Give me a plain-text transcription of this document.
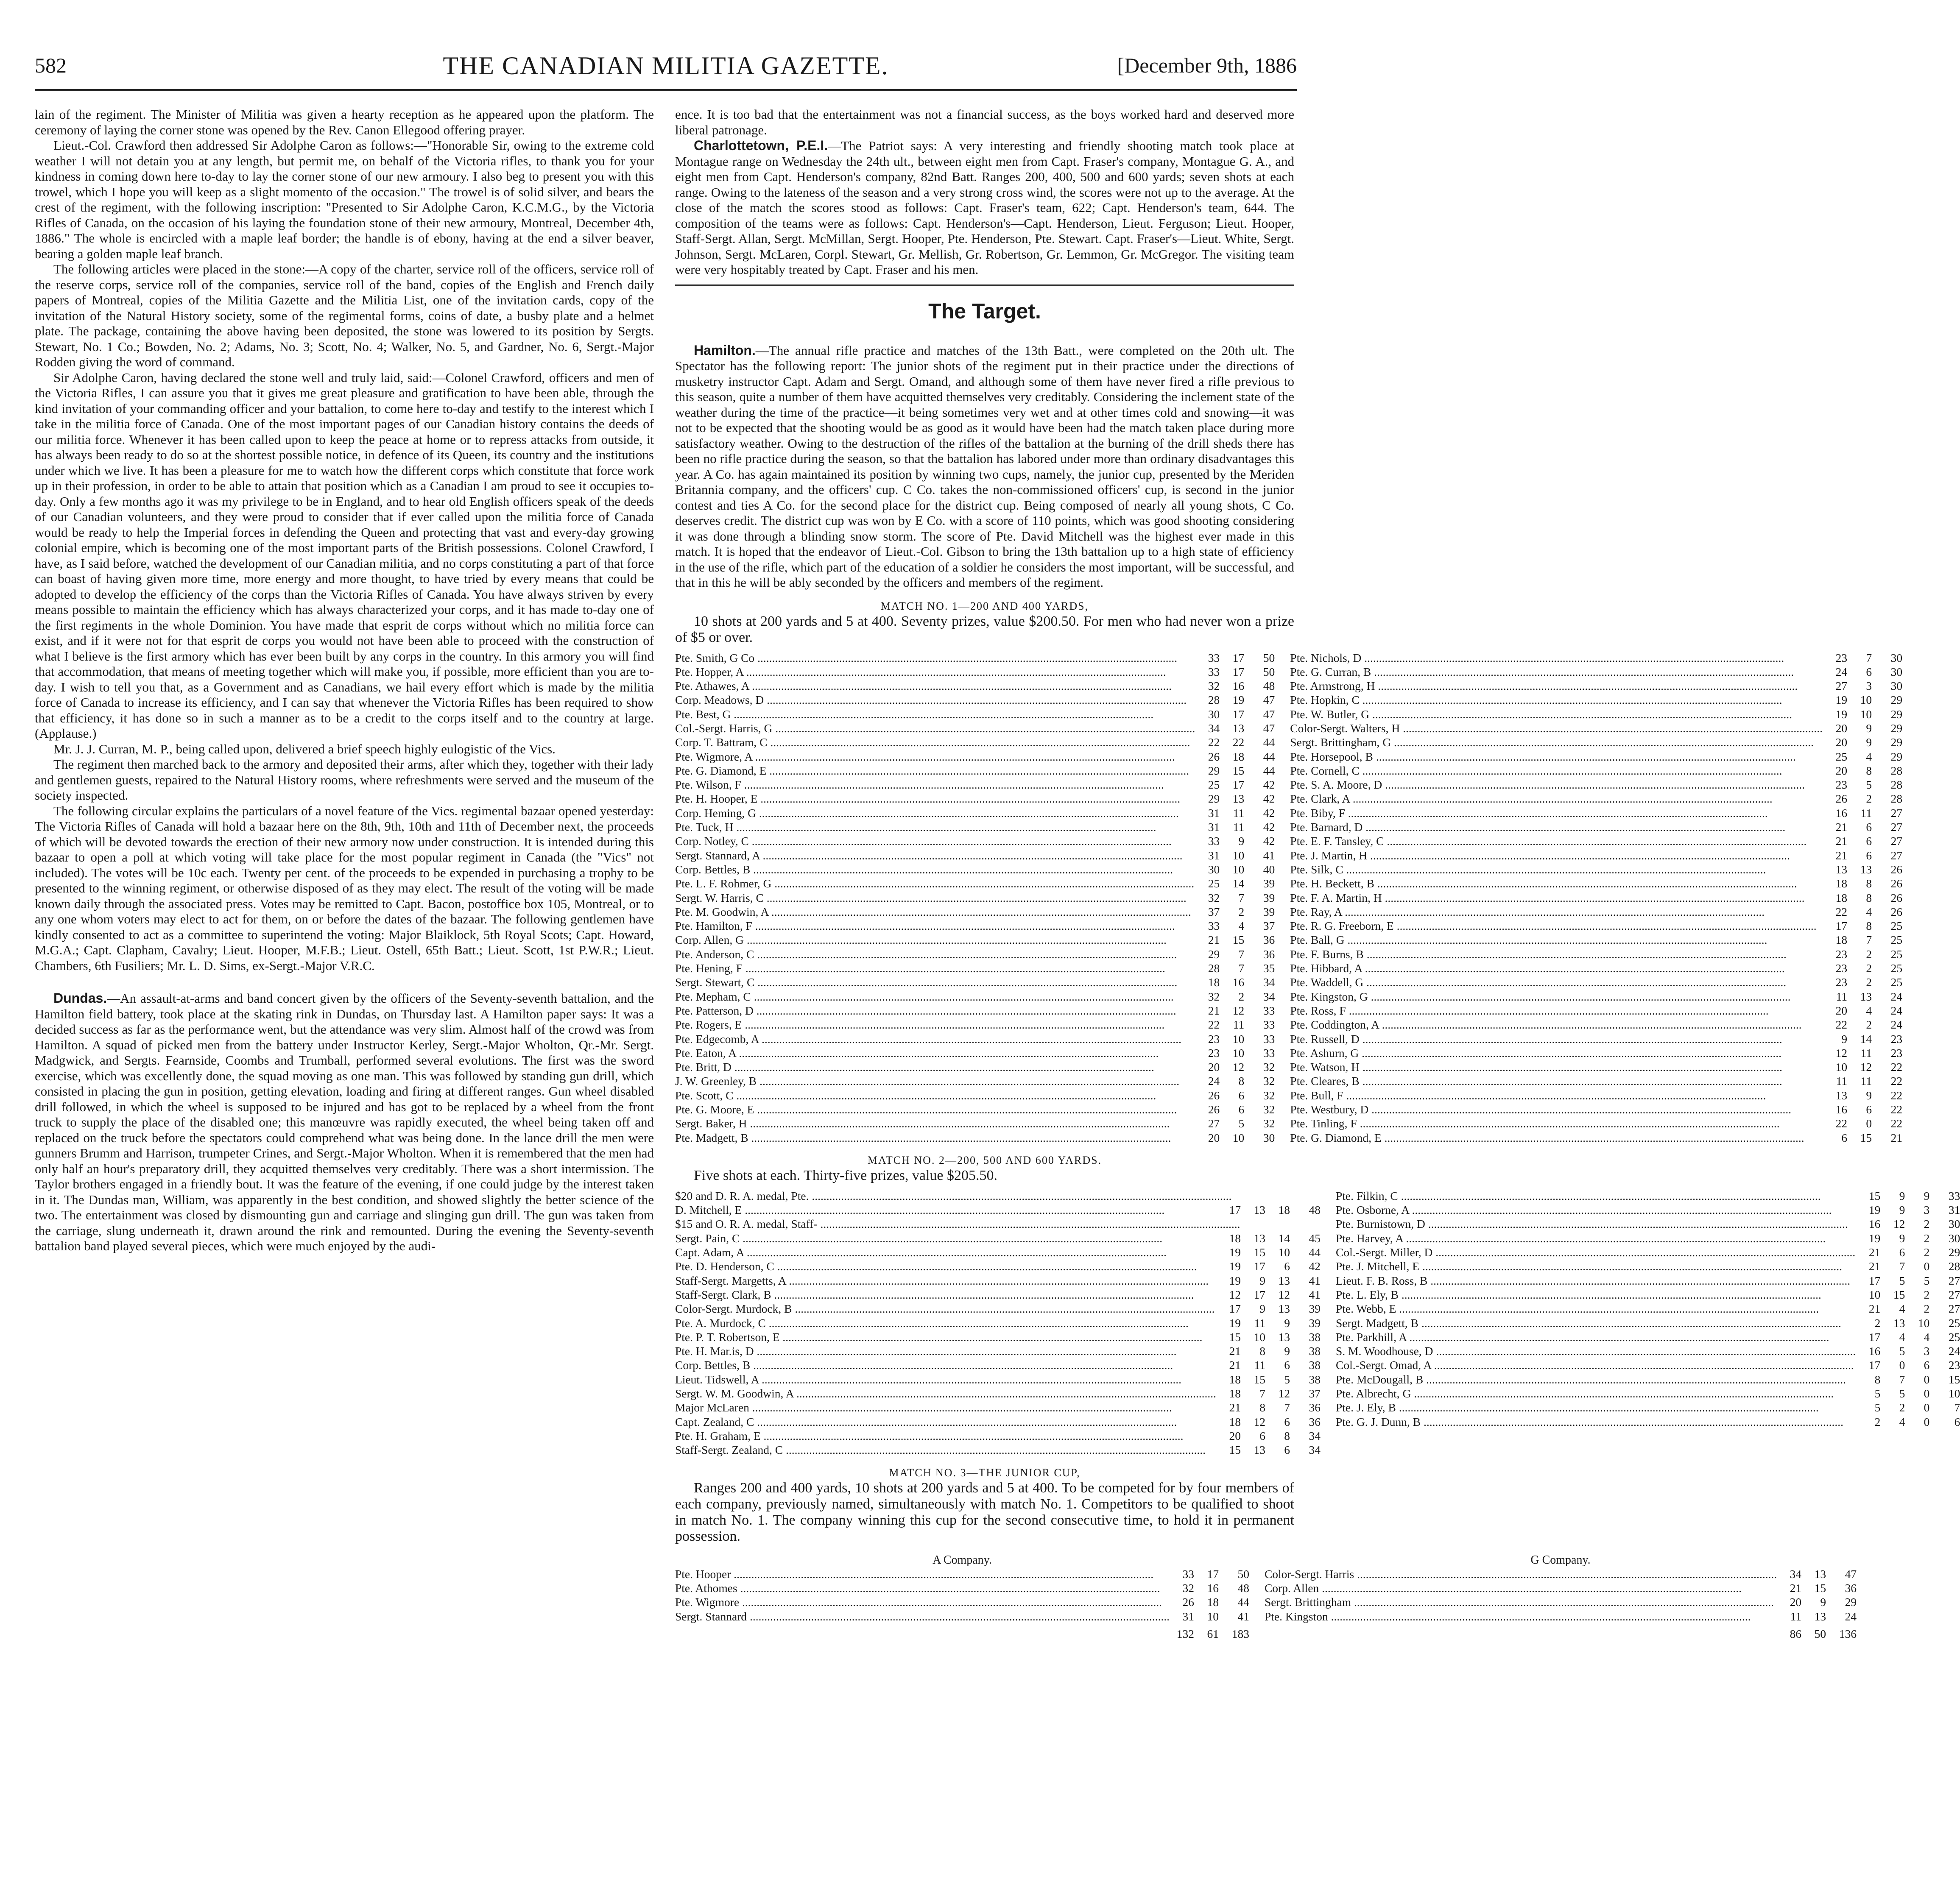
582	THE CANADIAN MILITIA GAZETTE.	[December 9th, 1886

lain of the regiment. The Minister of Militia was given a hearty reception as he appeared upon the platform. The ceremony of laying the corner stone was opened by the Rev. Canon Ellegood offering prayer.

Lieut.-Col. Crawford then addressed Sir Adolphe Caron as follows:—"Honorable Sir, owing to the extreme cold weather I will not detain you at any length, but permit me, on behalf of the Victoria rifles, to thank you for your kindness in coming down here to-day to lay the corner stone of our new armoury. I also beg to present you with this trowel, which I hope you will keep as a slight momento of the occasion." The trowel is of solid silver, and bears the crest of the regiment, with the following inscription: "Presented to Sir Adolphe Caron, K.C.M.G., by the Victoria Rifles of Canada, on the occasion of his laying the foundation stone of their new armoury, Montreal, December 4th, 1886." The whole is encircled with a maple leaf border; the handle is of ebony, having at the end a silver beaver, bearing a golden maple leaf branch.

The following articles were placed in the stone:—A copy of the charter, service roll of the officers, service roll of the reserve corps, service roll of the companies, service roll of the band, copies of the English and French daily papers of Montreal, copies of the Militia Gazette and the Militia List, one of the invitation cards, copy of the invitation of the Natural History society, some of the regimental forms, coins of date, a busby plate and a helmet plate. The package, containing the above having been deposited, the stone was lowered to its position by Sergts. Stewart, No. 1 Co.; Bowden, No. 2; Adams, No. 3; Scott, No. 4; Walker, No. 5, and Gardner, No. 6, Sergt.-Major Rodden giving the word of command.

Sir Adolphe Caron, having declared the stone well and truly laid, said:—Colonel Crawford, officers and men of the Victoria Rifles, I can assure you that it gives me great pleasure and gratification to have been able, through the kind invitation of your commanding officer and your battalion, to come here to-day and testify to the interest which I take in the militia force of Canada. One of the most important pages of our Canadian history contains the deeds of our militia force. Whenever it has been called upon to keep the peace at home or to repress attacks from outside, it has always been ready to do so at the shortest possible notice, in defence of its Queen, its country and the institutions under which we live. It has been a pleasure for me to watch how the different corps which constitute that force work up in their profession, in order to be able to attain that position which as a Canadian I am proud to see it occupies to-day. Only a few months ago it was my privilege to be in England, and to hear old English officers speak of the deeds of our Canadian volunteers, and they were proud to consider that if ever called upon the militia force of Canada would be ready to help the Imperial forces in defending the Queen and protecting that vast and every-day growing colonial empire, which is becoming one of the most important parts of the British possessions. Colonel Crawford, I have, as I said before, watched the development of our Canadian militia, and no corps constituting a part of that force can boast of having given more time, more energy and more thought, to have tried by every means that could be adopted to develop the efficiency of the corps than the Victoria Rifles of Canada. You have always striven by every means possible to maintain the efficiency which has always characterized your corps, and it has made to-day one of the first regiments in the whole Dominion. You have made that esprit de corps without which no militia force can exist, and if it were not for that esprit de corps you would not have been able to proceed with the construction of what I believe is the first armory which has ever been built by any corps in the country. In this armory you will find that accommodation, that means of meeting together which will make you, if possible, more efficient than you are to-day. I wish to tell you that, as a Government and as Canadians, we hail every effort which is made by the militia force of Canada to increase its efficiency, and I can say that whenever the Victoria Rifles has been required to show that efficiency, it has done so in such a manner as to be a credit to the corps itself and to the country at large. (Applause.)

Mr. J. J. Curran, M. P., being called upon, delivered a brief speech highly eulogistic of the Vics.

The regiment then marched back to the armory and deposited their arms, after which they, together with their lady and gentlemen guests, repaired to the Natural History rooms, where refreshments were served and the museum of the society inspected.

The following circular explains the particulars of a novel feature of the Vics. regimental bazaar opened yesterday: The Victoria Rifles of Canada will hold a bazaar here on the 8th, 9th, 10th and 11th of December next, the proceeds of which will be devoted towards the erection of their new armory now under construction. It is intended during this bazaar to open a poll at which voting will take place for the most popular regiment in Canada (the "Vics" not included). The votes will be 10c each. Twenty per cent. of the proceeds to be expended in purchasing a trophy to be presented to the winning regiment, or otherwise disposed of as they may elect. The result of the voting will be made known daily through the associated press. Votes may be remitted to Capt. Bacon, postoffice box 105, Montreal, or to any one whom voters may elect to act for them, on or before the dates of the bazaar. The following gentlemen have kindly consented to act as a committee to superintend the voting: Major Blaiklock, 5th Royal Scots; Capt. Howard, M.G.A.; Capt. Clapham, Cavalry; Lieut. Hooper, M.F.B.; Lieut. Ostell, 65th Batt.; Lieut. Scott, 1st P.W.R.; Lieut. Chambers, 6th Fusiliers; Mr. L. D. Sims, ex-Sergt.-Major V.R.C.

Dundas.—An assault-at-arms and band concert given by the officers of the Seventy-seventh battalion, and the Hamilton field battery, took place at the skating rink in Dundas, on Thursday last. A Hamilton paper says: It was a decided success as far as the performance went, but the attendance was very slim. Almost half of the crowd was from Hamilton. A squad of picked men from the battery under Instructor Kerley, Sergt.-Major Wholton, Qr.-Mr. Sergt. Madgwick, and Sergts. Fearnside, Coombs and Trumball, performed several evolutions. The first was the sword exercise, which was excellently done, the squad moving as one man. This was followed by standing gun drill, which consisted in placing the gun in position, getting elevation, loading and firing at different ranges. Gun wheel disabled drill followed, in which the wheel is supposed to be injured and has got to be replaced by a wheel from the front truck to supply the place of the disabled one; this manœuvre was rapidly executed, the wheel being taken off and replaced on the truck before the spectators could comprehend what was being done. In the lance drill the men were gunners Brumm and Harrison, trumpeter Crines, and Sergt.-Major Wholton. When it is remembered that the men had only half an hour's preparatory drill, they acquitted themselves very creditably. There was a short intermission. The Taylor brothers engaged in a friendly bout. It was the feature of the evening, if one could judge by the interest taken in it. The Dundas man, William, was apparently in the best condition, and showed slightly the better science of the two. The entertainment was closed by dismounting gun and carriage and slinging gun drill. The gun was taken from the carriage, slung underneath it, drawn around the rink and remounted. During the evening the Seventy-seventh battalion band played several pieces, which were much enjoyed by the audi-

ence. It is too bad that the entertainment was not a financial success, as the boys worked hard and deserved more liberal patronage.

Charlottetown, P.E.I.—The Patriot says: A very interesting and friendly shooting match took place at Montague range on Wednesday the 24th ult., between eight men from Capt. Fraser's company, Montague G. A., and eight men from Capt. Henderson's company, 82nd Batt. Ranges 200, 400, 500 and 600 yards; seven shots at each range. Owing to the lateness of the season and a very strong cross wind, the scores were not up to the average. At the close of the match the scores stood as follows: Capt. Fraser's team, 622; Capt. Henderson's team, 644. The composition of the teams were as follows: Capt. Henderson's—Capt. Henderson, Lieut. Ferguson; Lieut. Hooper, Staff-Sergt. Allan, Sergt. McMillan, Sergt. Hooper, Pte. Henderson, Pte. Stewart. Capt. Fraser's—Lieut. White, Sergt. Johnson, Sergt. McLaren, Corpl. Stewart, Gr. Mellish, Gr. Robertson, Gr. Lemmon, Gr. McGregor. The visiting team were very hospitably treated by Capt. Fraser and his men.

The Target.

Hamilton.—The annual rifle practice and matches of the 13th Batt., were completed on the 20th ult. The Spectator has the following report: The junior shots of the regiment put in their practice under the directions of musketry instructor Capt. Adam and Sergt. Omand, and although some of them have never fired a rifle previous to this season, quite a number of them have acquitted themselves very creditably. Considering the inclement state of the weather during the time of the practice—it being sometimes very wet and at other times cold and snowing—it was not to be expected that the shooting would be as good as it would have been had the match taken place during more satisfactory weather. Owing to the destruction of the rifles of the battalion at the burning of the drill sheds there has been no rifle practice during the season, so that the battalion has labored under more than ordinary disadvantages this year. A Co. has again maintained its position by winning two cups, namely, the junior cup, presented by the Meriden Britannia company, and the officers' cup. C Co. takes the non-commissioned officers' cup, is second in the junior contest and ties A Co. for the second place for the district cup. Being composed of nearly all young shots, C Co. deserves credit. The district cup was won by E Co. with a score of 110 points, which was good shooting considering it was done through a blinding snow storm. The score of Pte. David Mitchell was the highest ever made in this match. It is hoped that the endeavor of Lieut.-Col. Gibson to bring the 13th battalion up to a high state of efficiency in the use of the rifle, which part of the education of a soldier he considers the most important, will be successful, and that in this he will be ably seconded by the officers and members of the regiment.

MATCH NO. 1—200 AND 400 YARDS,

10 shots at 200 yards and 5 at 400. Seventy prizes, value $200.50. For men who had never won a prize of $5 or over.

Pte. Smith, G Co .....	33	17	50
Pte. Hopper, A .....	33	17	50
Pte. Athawes, A .....	32	16	48
Corp. Meadows, D .....	28	19	47
Pte. Best, G .....	30	17	47
Col.-Sergt. Harris, G .....	34	13	47
Corp. T. Battram, C .....	22	22	44
Pte. Wigmore, A .....	26	18	44
Pte. G. Diamond, E .....	29	15	44
Pte. Wilson, F .....	25	17	42
Pte. H. Hooper, E .....	29	13	42
Corp. Heming, G .....	31	11	42
Pte. Tuck, H .....	31	11	42
Corp. Notley, C .....	33	9	42
Sergt. Stannard, A .....	31	10	41
Corp. Bettles, B .....	30	10	40
Pte. L. F. Rohmer, G .....	25	14	39
Sergt. W. Harris, C .....	32	7	39
Pte. M. Goodwin, A .....	37	2	39
Pte. Hamilton, F .....	33	4	37
Corp. Allen, G .....	21	15	36
Pte. Anderson, C .....	29	7	36
Pte. Hening, F .....	28	7	35
Sergt. Stewart, C .....	18	16	34
Pte. Mepham, C .....	32	2	34
Pte. Patterson, D .....	21	12	33
Pte. Rogers, E .....	22	11	33
Pte. Edgecomb, A .....	23	10	33
Pte. Eaton, A .....	23	10	33
Pte. Britt, D .....	20	12	32
J. W. Greenley, B .....	24	8	32
Pte. Scott, C .....	26	6	32
Pte. G. Moore, E .....	26	6	32
Sergt. Baker, H .....	27	5	32
Pte. Madgett, B .....	20	10	30
Pte. Nichols, D .....	23	7	30
Pte. G. Curran, B .....	24	6	30
Pte. Armstrong, H .....	27	3	30
Pte. Hopkin, C .....	19	10	29
Pte. W. Butler, G .....	19	10	29
Color-Sergt. Walters, H .....	20	9	29
Sergt. Brittingham, G .....	20	9	29
Pte. Horsepool, B .....	25	4	29
Pte. Cornell, C .....	20	8	28
Pte. S. A. Moore, D .....	23	5	28
Pte. Clark, A .....	26	2	28
Pte. Biby, F .....	16	11	27
Pte. Barnard, D .....	21	6	27
Pte. E. F. Tansley, C .....	21	6	27
Pte. J. Martin, H .....	21	6	27
Pte. Silk, C .....	13	13	26
Pte. H. Beckett, B .....	18	8	26
Pte. F. A. Martin, H .....	18	8	26
Pte. Ray, A .....	22	4	26
Pte. R. G. Freeborn, E .....	17	8	25
Pte. Ball, G .....	18	7	25
Pte. F. Burns, B .....	23	2	25
Pte. Hibbard, A .....	23	2	25
Pte. Waddell, G .....	23	2	25
Pte. Kingston, G .....	11	13	24
Pte. Ross, F .....	20	4	24
Pte. Coddington, A .....	22	2	24
Pte. Russell, D .....	9	14	23
Pte. Ashurn, G .....	12	11	23
Pte. Watson, H .....	10	12	22
Pte. Cleares, B .....	11	11	22
Pte. Bull, F .....	13	9	22
Pte. Westbury, D .....	16	6	22
Pte. Tinling, F .....	22	0	22
Pte. G. Diamond, E .....	6	15	21
MATCH NO. 2—200, 500 AND 600 YARDS.

Five shots at each. Thirty-five prizes, value $205.50.

$20 and D. R. A. medal, Pte. .....
D. Mitchell, E .....	17	13	18	48
$15 and O. R. A. medal, Staff- .....
Sergt. Pain, C .....	18	13	14	45
Capt. Adam, A .....	19	15	10	44
Pte. D. Henderson, C .....	19	17	6	42
Staff-Sergt. Margetts, A .....	19	9	13	41
Staff-Sergt. Clark, B .....	12	17	12	41
Color-Sergt. Murdock, B .....	17	9	13	39
Pte. A. Murdock, C .....	19	11	9	39
Pte. P. T. Robertson, E .....	15	10	13	38
Pte. H. Mar.is, D .....	21	8	9	38
Corp. Bettles, B .....	21	11	6	38
Lieut. Tidswell, A .....	18	15	5	38
Sergt. W. M. Goodwin, A .....	18	7	12	37
Major McLaren .....	21	8	7	36
Capt. Zealand, C .....	18	12	6	36
Pte. H. Graham, E .....	20	6	8	34
Staff-Sergt. Zealand, C .....	15	13	6	34
Pte. Filkin, C .....	15	9	9	33
Pte. Osborne, A .....	19	9	3	31
Pte. Burnistown, D .....	16	12	2	30
Pte. Harvey, A .....	19	9	2	30
Col.-Sergt. Miller, D .....	21	6	2	29
Pte. J. Mitchell, E .....	21	7	0	28
Lieut. F. B. Ross, B .....	17	5	5	27
Pte. L. Ely, B .....	10	15	2	27
Pte. Webb, E .....	21	4	2	27
Sergt. Madgett, B .....	2	13	10	25
Pte. Parkhill, A .....	17	4	4	25
S. M. Woodhouse, D .....	16	5	3	24
Col.-Sergt. Omad, A .....	17	0	6	23
Pte. McDougall, B .....	8	7	0	15
Pte. Albrecht, G .....	5	5	0	10
Pte. J. Ely, B .....	5	2	0	7
Pte. G. J. Dunn, B .....	2	4	0	6
MATCH NO. 3—THE JUNIOR CUP,

Ranges 200 and 400 yards, 10 shots at 200 yards and 5 at 400. To be competed for by four members of each company, previously named, simultaneously with match No. 1. Competitors to be qualified to shoot in match No. 1. The company winning this cup for the second consecutive time, to hold it in permanent possession.

A Company.
Pte. Hooper .....	33	17	50
Pte. Athomes .....	32	16	48
Pte. Wigmore .....	26	18	44
Sergt. Stannard .....	31	10	41
132	61	183
G Company.
Color-Sergt. Harris .....	34	13	47
Corp. Allen .....	21	15	36
Sergt. Brittingham .....	20	9	29
Pte. Kingston .....	11	13	24
86	50	136
